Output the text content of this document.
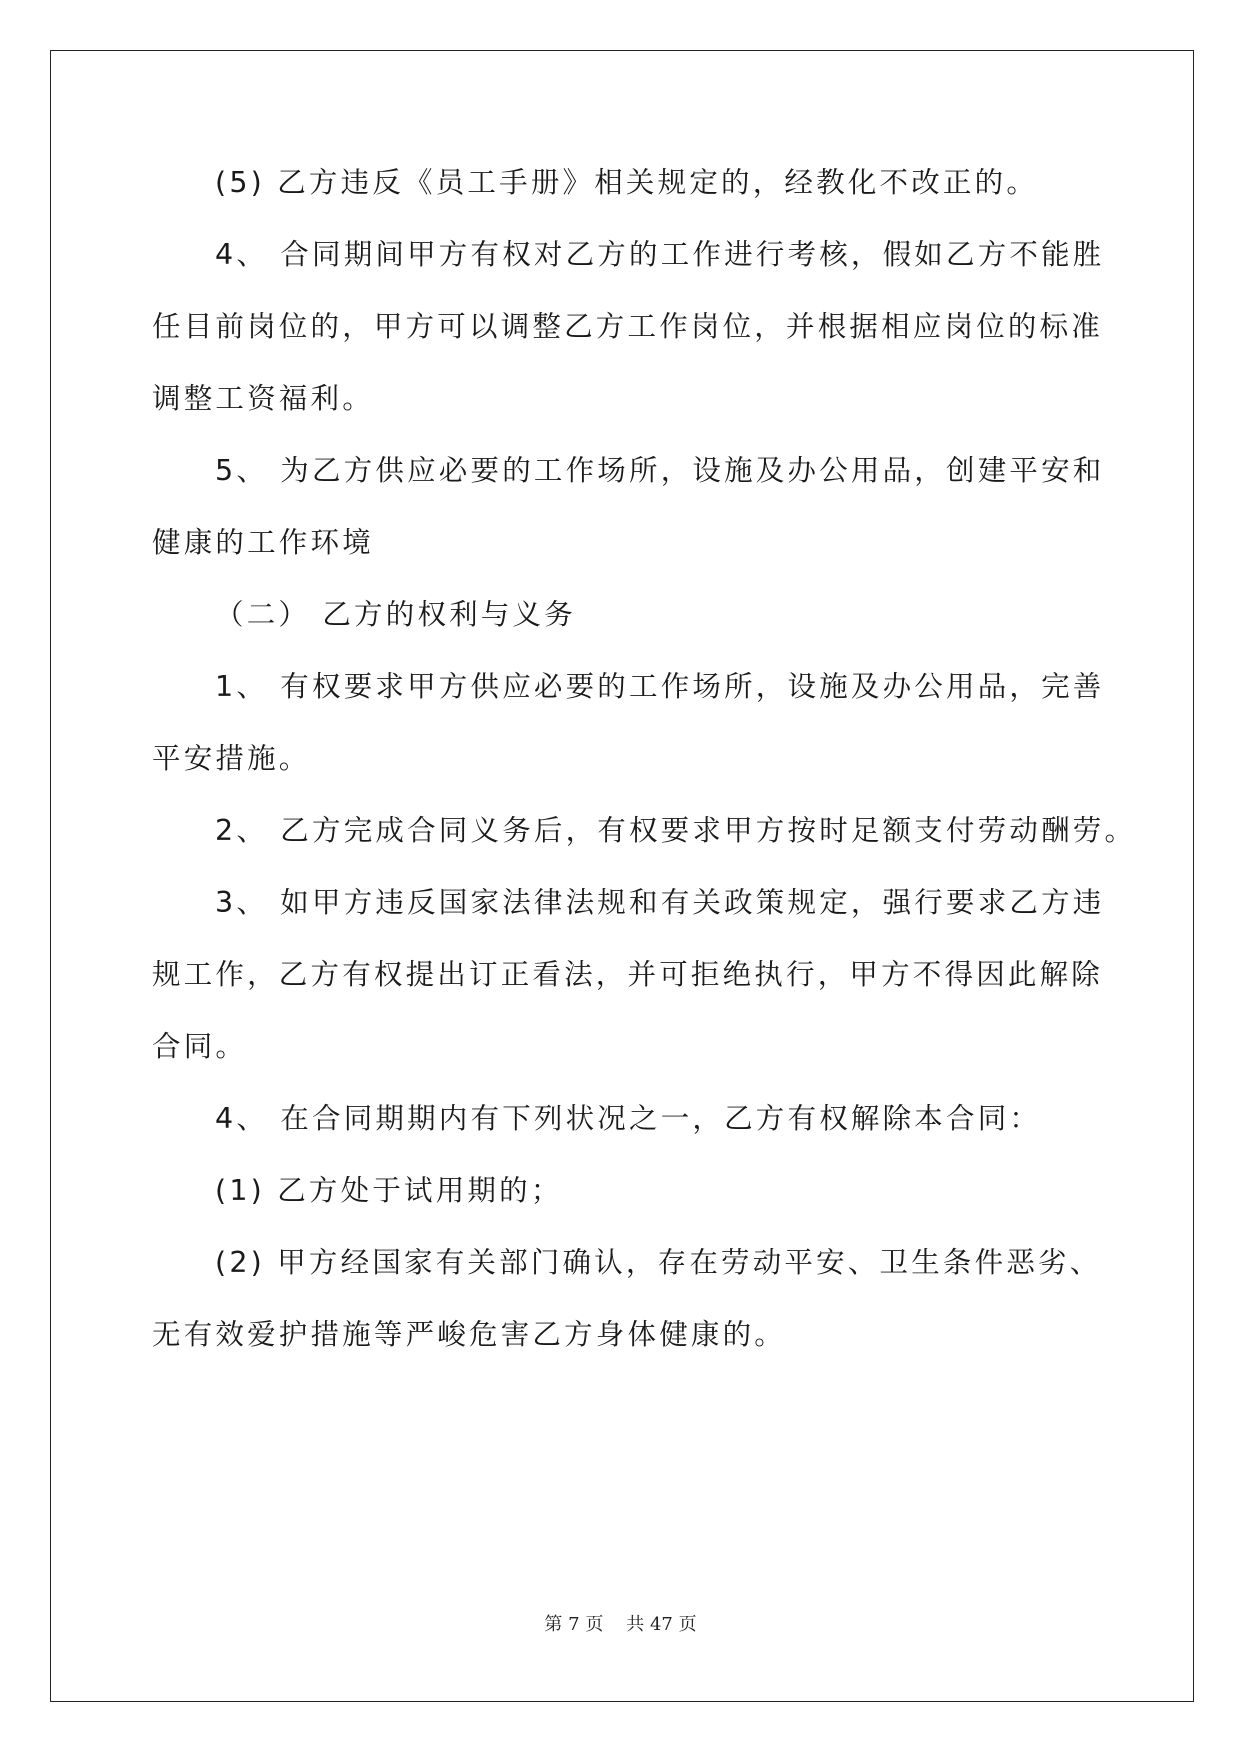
(5) 乙方违反《员工手册》相关规定的，经教化不改正的。
4、 合同期间甲方有权对乙方的工作进行考核，假如乙方不能胜
任目前岗位的，甲方可以调整乙方工作岗位，并根据相应岗位的标准
调整工资福利。
5、 为乙方供应必要的工作场所，设施及办公用品，创建平安和
健康的工作环境
（二） 乙方的权利与义务
1、 有权要求甲方供应必要的工作场所，设施及办公用品，完善
平安措施。
2、 乙方完成合同义务后，有权要求甲方按时足额支付劳动酬劳。
3、 如甲方违反国家法律法规和有关政策规定，强行要求乙方违
规工作，乙方有权提出订正看法，并可拒绝执行，甲方不得因此解除
合同。
4、 在合同期期内有下列状况之一，乙方有权解除本合同：
(1) 乙方处于试用期的；
(2) 甲方经国家有关部门确认，存在劳动平安、卫生条件恶劣、
无有效爱护措施等严峻危害乙方身体健康的。
第 7 页 共 47 页
